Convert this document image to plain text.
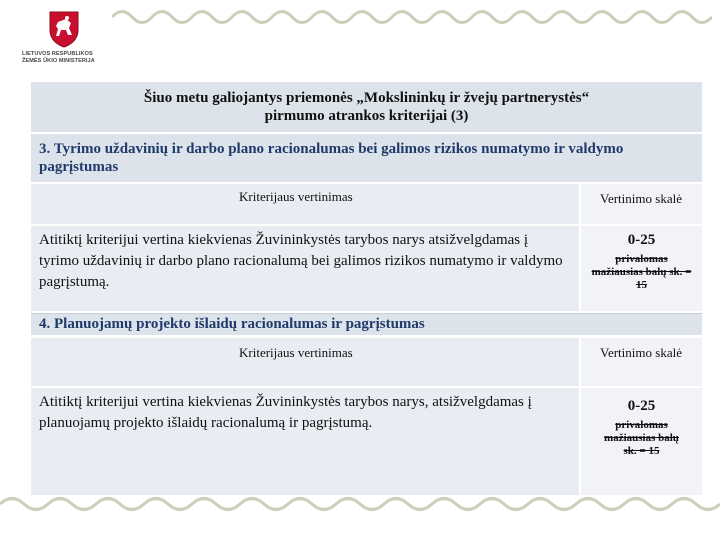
LIETUVOS RESPUBLIKOS
ŽEMĖS ŪKIO MINISTERIJA
Šiuo metu galiojantys priemonės „Mokslininkų ir žvejų partnerystės“
pirmumo atrankos kriterijai (3)
3. Tyrimo uždavinių ir darbo plano racionalumas bei galimos rizikos numatymo ir valdymo pagrįstumas
Kriterijaus vertinimas	Vertinimo skalė
Atitiktį kriterijui vertina kiekvienas Žuvininkystės tarybos narys atsižvelgdamas į tyrimo uždavinių ir darbo plano racionalumą bei galimos rizikos numatymo ir valdymo pagrįstumą.
0-25
privalomas mažiausias balų sk. = 15
4. Planuojamų projekto išlaidų racionalumas ir pagrįstumas
Kriterijaus vertinimas	Vertinimo skalė
Atitiktį kriterijui vertina kiekvienas Žuvininkystės tarybos narys, atsižvelgdamas į planuojamų projekto išlaidų racionalumą ir pagrįstumą.
0-25
privalomas mažiausias balų sk. = 15
